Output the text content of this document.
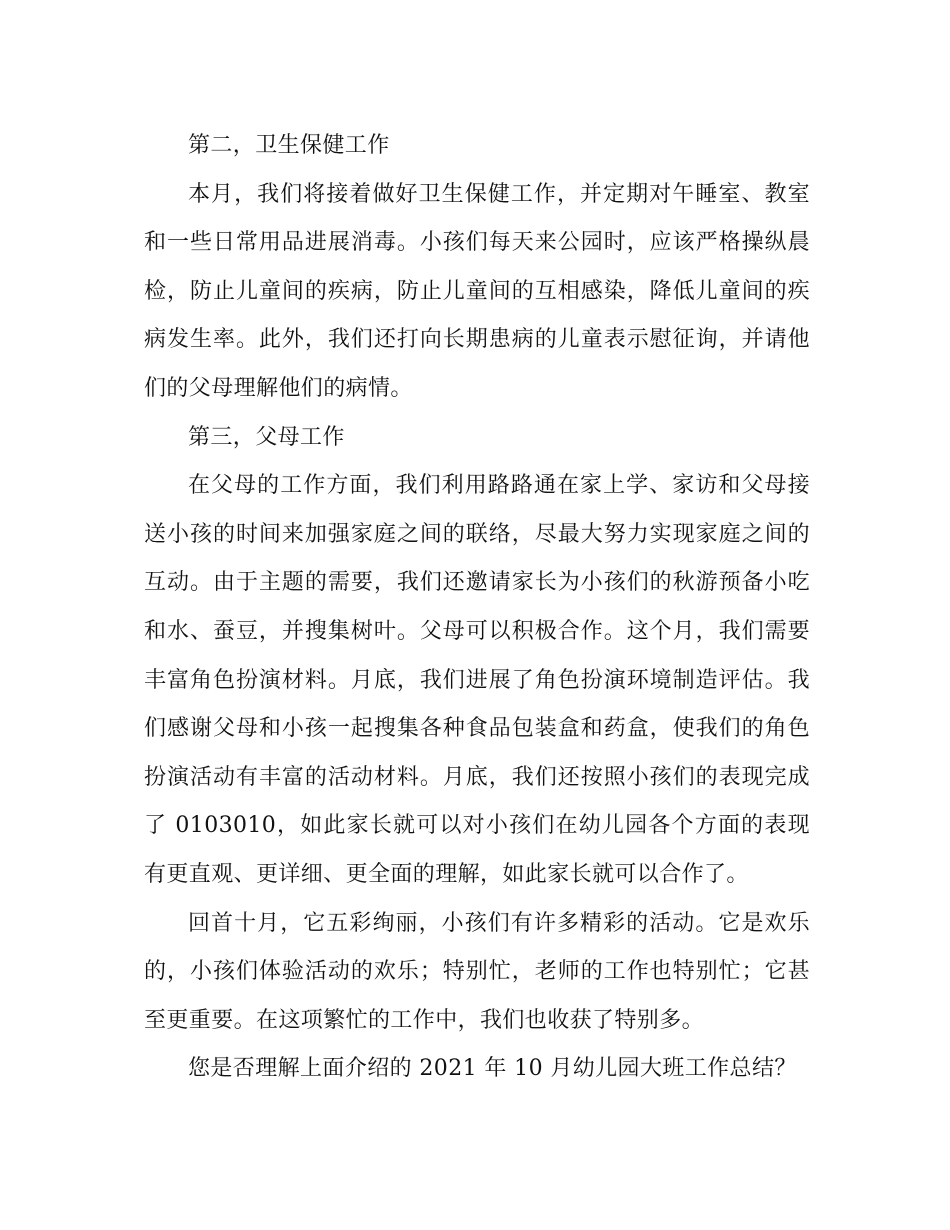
第二，卫生保健工作

本月，我们将接着做好卫生保健工作，并定期对午睡室、教室和一些日常用品进展消毒。小孩们每天来公园时，应该严格操纵晨检，防止儿童间的疾病，防止儿童间的互相感染，降低儿童间的疾病发生率。此外，我们还打向长期患病的儿童表示慰征询，并请他们的父母理解他们的病情。

第三，父母工作

在父母的工作方面，我们利用路路通在家上学、家访和父母接送小孩的时间来加强家庭之间的联络，尽最大努力实现家庭之间的互动。由于主题的需要，我们还邀请家长为小孩们的秋游预备小吃和水、蚕豆，并搜集树叶。父母可以积极合作。这个月，我们需要丰富角色扮演材料。月底，我们进展了角色扮演环境制造评估。我们感谢父母和小孩一起搜集各种食品包装盒和药盒，使我们的角色扮演活动有丰富的活动材料。月底，我们还按照小孩们的表现完成了 0103010，如此家长就可以对小孩们在幼儿园各个方面的表现有更直观、更详细、更全面的理解，如此家长就可以合作了。

回首十月，它五彩绚丽，小孩们有许多精彩的活动。它是欢乐的，小孩们体验活动的欢乐；特别忙，老师的工作也特别忙；它甚至更重要。在这项繁忙的工作中，我们也收获了特别多。

您是否理解上面介绍的 2021 年 10 月幼儿园大班工作总结？
